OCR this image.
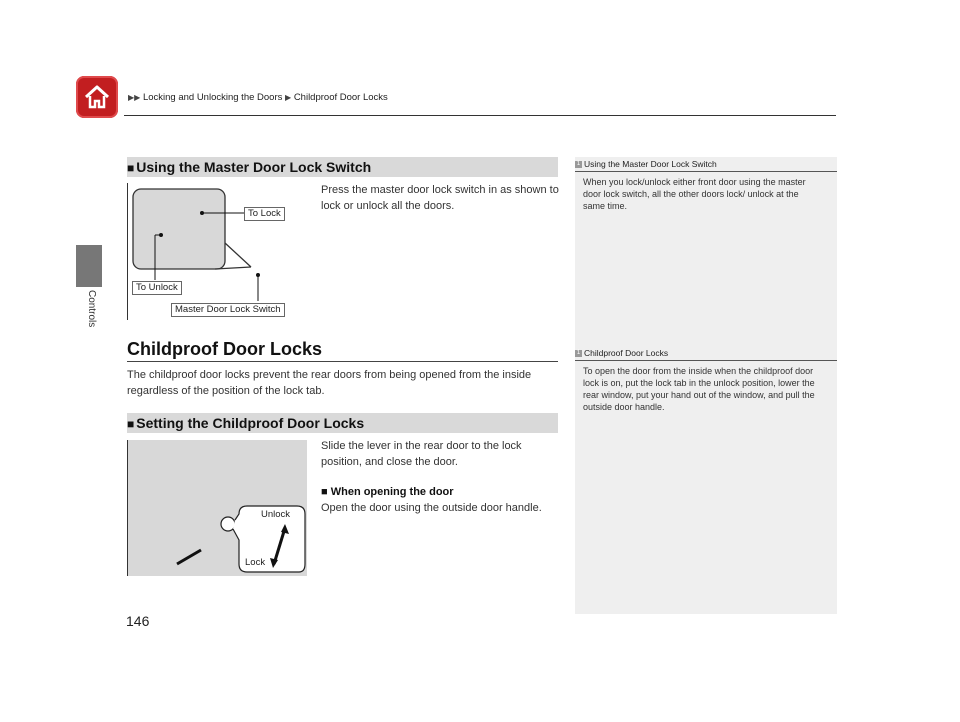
▶▶ Locking and Unlocking the Doors ▶ Childproof Door Locks
Controls
■ Using the Master Door Lock Switch
To Lock
To Unlock
Master Door Lock Switch
Press the master door lock switch in as shown to lock or unlock all the doors.
Childproof Door Locks
The childproof door locks prevent the rear doors from being opened from the inside regardless of the position of the lock tab.
■ Setting the Childproof Door Locks
Unlock
Lock
Slide the lever in the rear door to the lock position, and close the door.
■ When opening the door
Open the door using the outside door handle.
146
1 Using the Master Door Lock Switch
When you lock/unlock either front door using the master door lock switch, all the other doors lock/ unlock at the same time.
1 Childproof Door Locks
To open the door from the inside when the childproof door lock is on, put the lock tab in the unlock position, lower the rear window, put your hand out of the window, and pull the outside door handle.
